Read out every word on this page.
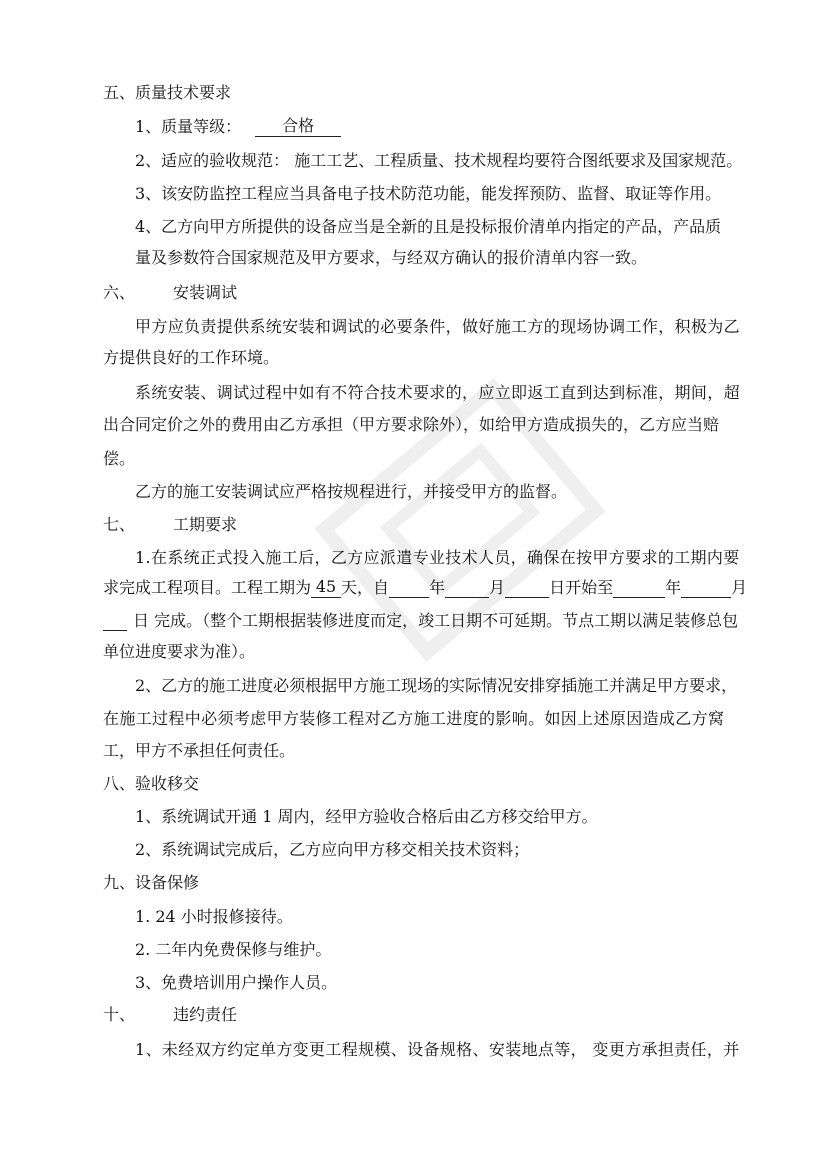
五、质量技术要求
1、质量等级：	合格
2、适应的验收规范： 施工工艺、工程质量、技术规程均要符合图纸要求及国家规范。
3、该安防监控工程应当具备电子技术防范功能，能发挥预防、监督、取证等作用。
4、乙方向甲方所提供的设备应当是全新的且是投标报价清单内指定的产品，产品质
量及参数符合国家规范及甲方要求，与经双方确认的报价清单内容一致。
六、 安装调试
甲方应负责提供系统安装和调试的必要条件，做好施工方的现场协调工作，积极为乙
方提供良好的工作环境。
系统安装、调试过程中如有不符合技术要求的，应立即返工直到达到标准，期间，超
出合同定价之外的费用由乙方承担（甲方要求除外），如给甲方造成损失的，乙方应当赔
偿。
乙方的施工安装调试应严格按规程进行，并接受甲方的监督。
七、 工期要求
1.在系统正式投入施工后，乙方应派遣专业技术人员，确保在按甲方要求的工期内要
求完成工程项目。工程工期为 45 天，自	年	月	日开始至	年	月
日 完成。（整个工期根据装修进度而定，竣工日期不可延期。节点工期以满足装修总包
单位进度要求为准）。
2、乙方的施工进度必须根据甲方施工现场的实际情况安排穿插施工并满足甲方要求，
在施工过程中必须考虑甲方装修工程对乙方施工进度的影响。如因上述原因造成乙方窝
工，甲方不承担任何责任。
八、验收移交
1、系统调试开通 1 周内，经甲方验收合格后由乙方移交给甲方。
2、系统调试完成后，乙方应向甲方移交相关技术资料；
九、设备保修
1. 24 小时报修接待。
2. 二年内免费保修与维护。
3、免费培训用户操作人员。
十、 违约责任
1、未经双方约定单方变更工程规模、设备规格、安装地点等， 变更方承担责任，并
